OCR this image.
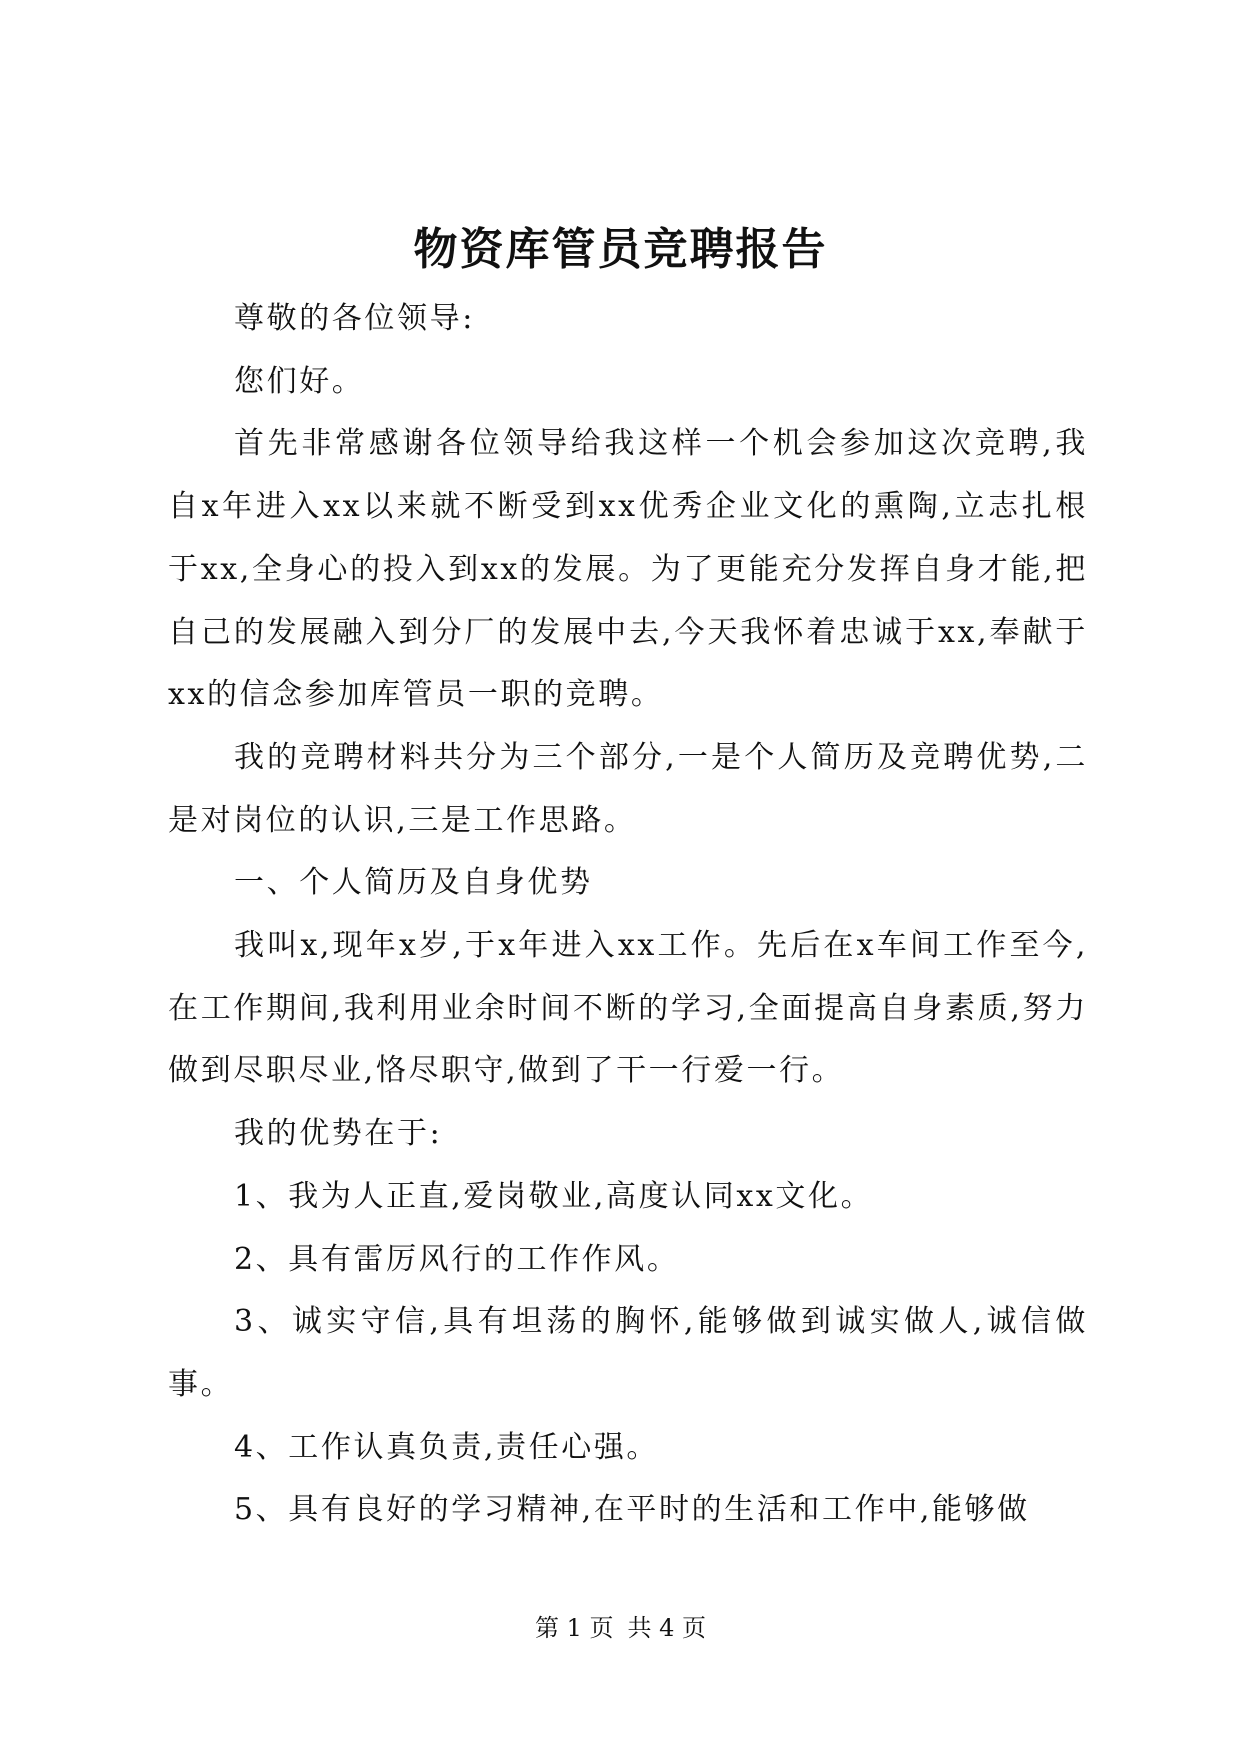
物资库管员竞聘报告

尊敬的各位领导:

您们好。

首先非常感谢各位领导给我这样一个机会参加这次竞聘,我自x年进入xx以来就不断受到xx优秀企业文化的熏陶,立志扎根于xx,全身心的投入到xx的发展。为了更能充分发挥自身才能,把自己的发展融入到分厂的发展中去,今天我怀着忠诚于xx,奉献于xx的信念参加库管员一职的竞聘。

我的竞聘材料共分为三个部分,一是个人简历及竞聘优势,二是对岗位的认识,三是工作思路。

一、个人简历及自身优势

我叫x,现年x岁,于x年进入xx工作。先后在x车间工作至今,在工作期间,我利用业余时间不断的学习,全面提高自身素质,努力做到尽职尽业,恪尽职守,做到了干一行爱一行。

我的优势在于:

1、我为人正直,爱岗敬业,高度认同xx文化。

2、具有雷厉风行的工作作风。

3、诚实守信,具有坦荡的胸怀,能够做到诚实做人,诚信做事。

4、工作认真负责,责任心强。

5、具有良好的学习精神,在平时的生活和工作中,能够做

第 1 页 共 4 页
